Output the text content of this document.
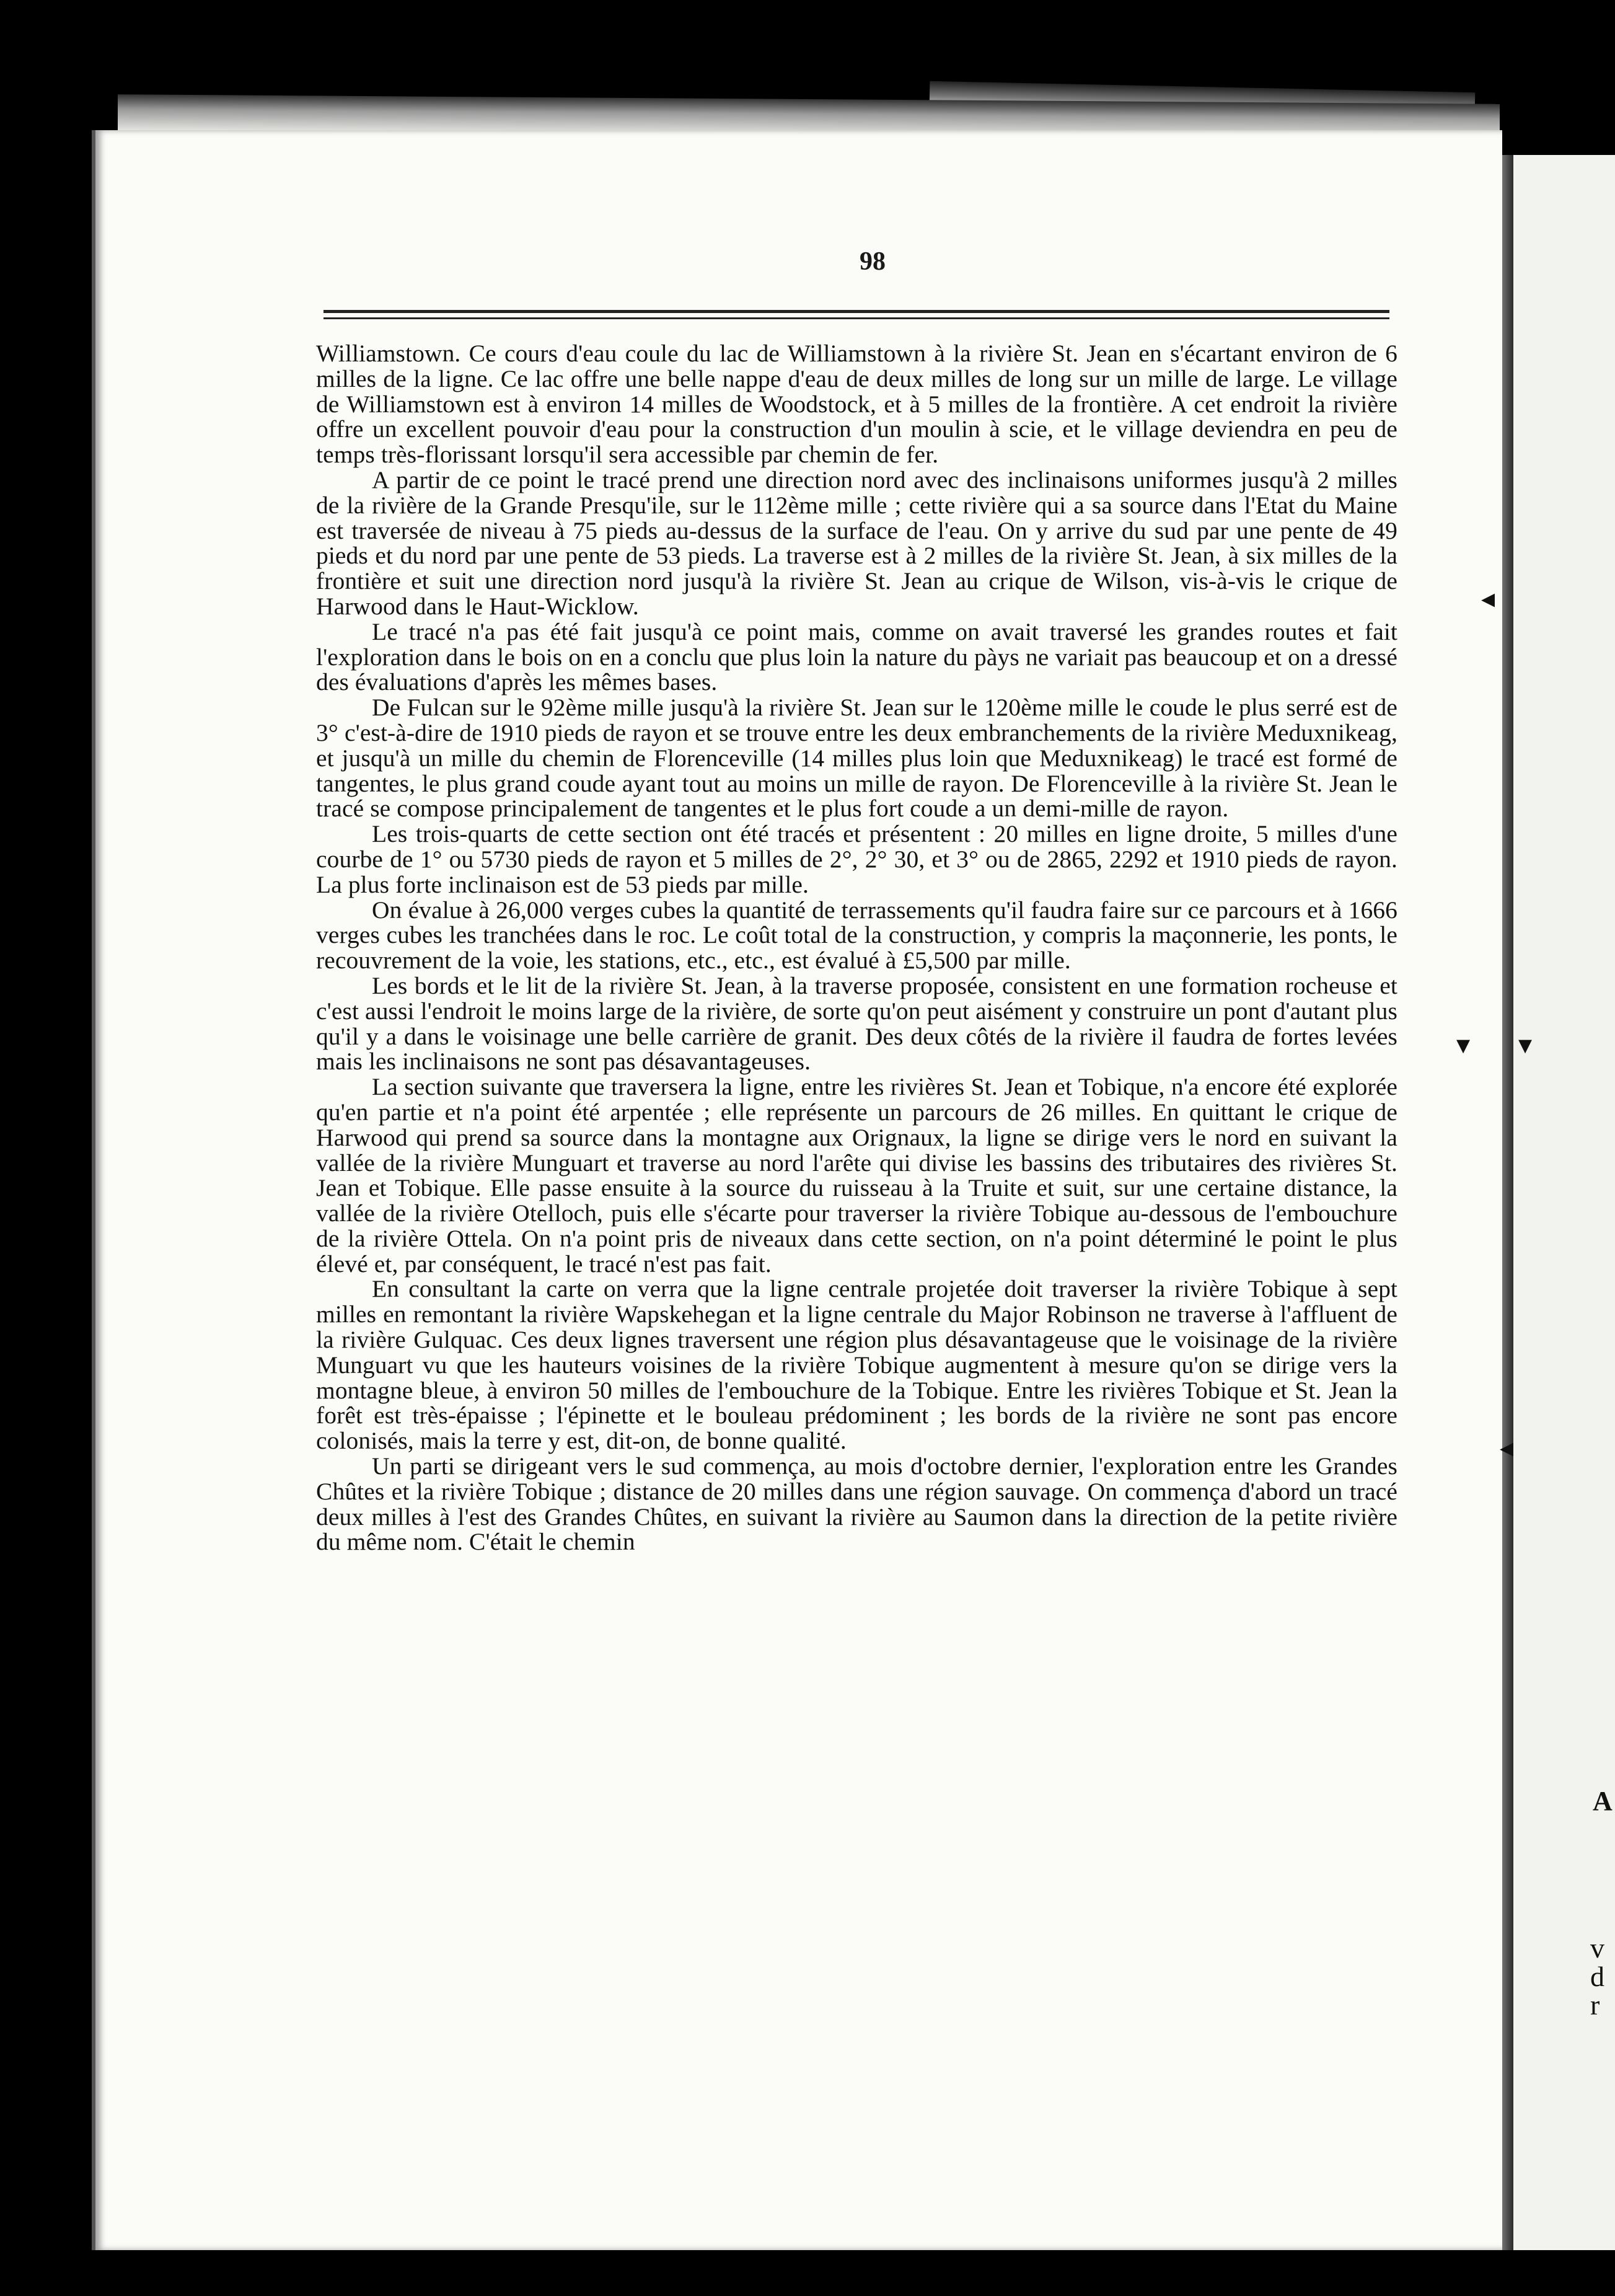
98

Williamstown. Ce cours d'eau coule du lac de Williamstown à la rivière St. Jean en s'écartant environ de 6 milles de la ligne. Ce lac offre une belle nappe d'eau de deux milles de long sur un mille de large. Le village de Williamstown est à environ 14 milles de Woodstock, et à 5 milles de la frontière. A cet endroit la rivière offre un excellent pouvoir d'eau pour la construction d'un moulin à scie, et le village deviendra en peu de temps très-florissant lorsqu'il sera accessible par chemin de fer.

A partir de ce point le tracé prend une direction nord avec des inclinaisons uniformes jusqu'à 2 milles de la rivière de la Grande Presqu'ile, sur le 112ème mille ; cette rivière qui a sa source dans l'Etat du Maine est traversée de niveau à 75 pieds au-dessus de la surface de l'eau. On y arrive du sud par une pente de 49 pieds et du nord par une pente de 53 pieds. La traverse est à 2 milles de la rivière St. Jean, à six milles de la frontière et suit une direction nord jusqu'à la rivière St. Jean au crique de Wilson, vis-à-vis le crique de Harwood dans le Haut-Wicklow.

Le tracé n'a pas été fait jusqu'à ce point mais, comme on avait traversé les grandes routes et fait l'exploration dans le bois on en a conclu que plus loin la nature du pàys ne variait pas beaucoup et on a dressé des évaluations d'après les mêmes bases.

De Fulcan sur le 92ème mille jusqu'à la rivière St. Jean sur le 120ème mille le coude le plus serré est de 3° c'est-à-dire de 1910 pieds de rayon et se trouve entre les deux embranchements de la rivière Meduxnikeag, et jusqu'à un mille du chemin de Florenceville (14 milles plus loin que Meduxnikeag) le tracé est formé de tangentes, le plus grand coude ayant tout au moins un mille de rayon. De Florenceville à la rivière St. Jean le tracé se compose principalement de tangentes et le plus fort coude a un demi-mille de rayon.

Les trois-quarts de cette section ont été tracés et présentent : 20 milles en ligne droite, 5 milles d'une courbe de 1° ou 5730 pieds de rayon et 5 milles de 2°, 2° 30, et 3° ou de 2865, 2292 et 1910 pieds de rayon. La plus forte inclinaison est de 53 pieds par mille.

On évalue à 26,000 verges cubes la quantité de terrassements qu'il faudra faire sur ce parcours et à 1666 verges cubes les tranchées dans le roc. Le coût total de la construction, y compris la maçonnerie, les ponts, le recouvrement de la voie, les stations, etc., etc., est évalué à £5,500 par mille.

Les bords et le lit de la rivière St. Jean, à la traverse proposée, consistent en une formation rocheuse et c'est aussi l'endroit le moins large de la rivière, de sorte qu'on peut aisément y construire un pont d'autant plus qu'il y a dans le voisinage une belle carrière de granit. Des deux côtés de la rivière il faudra de fortes levées mais les inclinaisons ne sont pas désavantageuses.

La section suivante que traversera la ligne, entre les rivières St. Jean et Tobique, n'a encore été explorée qu'en partie et n'a point été arpentée ; elle représente un parcours de 26 milles. En quittant le crique de Harwood qui prend sa source dans la montagne aux Orignaux, la ligne se dirige vers le nord en suivant la vallée de la rivière Munguart et traverse au nord l'arête qui divise les bassins des tributaires des rivières St. Jean et Tobique. Elle passe ensuite à la source du ruisseau à la Truite et suit, sur une certaine distance, la vallée de la rivière Otelloch, puis elle s'écarte pour traverser la rivière Tobique au-dessous de l'embouchure de la rivière Ottela. On n'a point pris de niveaux dans cette section, on n'a point déterminé le point le plus élevé et, par conséquent, le tracé n'est pas fait.

En consultant la carte on verra que la ligne centrale projetée doit traverser la rivière Tobique à sept milles en remontant la rivière Wapskehegan et la ligne centrale du Major Robinson ne traverse à l'affluent de la rivière Gulquac. Ces deux lignes traversent une région plus désavantageuse que le voisinage de la rivière Munguart vu que les hauteurs voisines de la rivière Tobique augmentent à mesure qu'on se dirige vers la montagne bleue, à environ 50 milles de l'embouchure de la Tobique. Entre les rivières Tobique et St. Jean la forêt est très-épaisse ; l'épinette et le bouleau prédominent ; les bords de la rivière ne sont pas encore colonisés, mais la terre y est, dit-on, de bonne qualité.

Un parti se dirigeant vers le sud commença, au mois d'octobre dernier, l'exploration entre les Grandes Chûtes et la rivière Tobique ; distance de 20 milles dans une région sauvage. On commença d'abord un tracé deux milles à l'est des Grandes Chûtes, en suivant la rivière au Saumon dans la direction de la petite rivière du même nom. C'était le chemin

◂
▾ ▾
◂
A
v
d
r
